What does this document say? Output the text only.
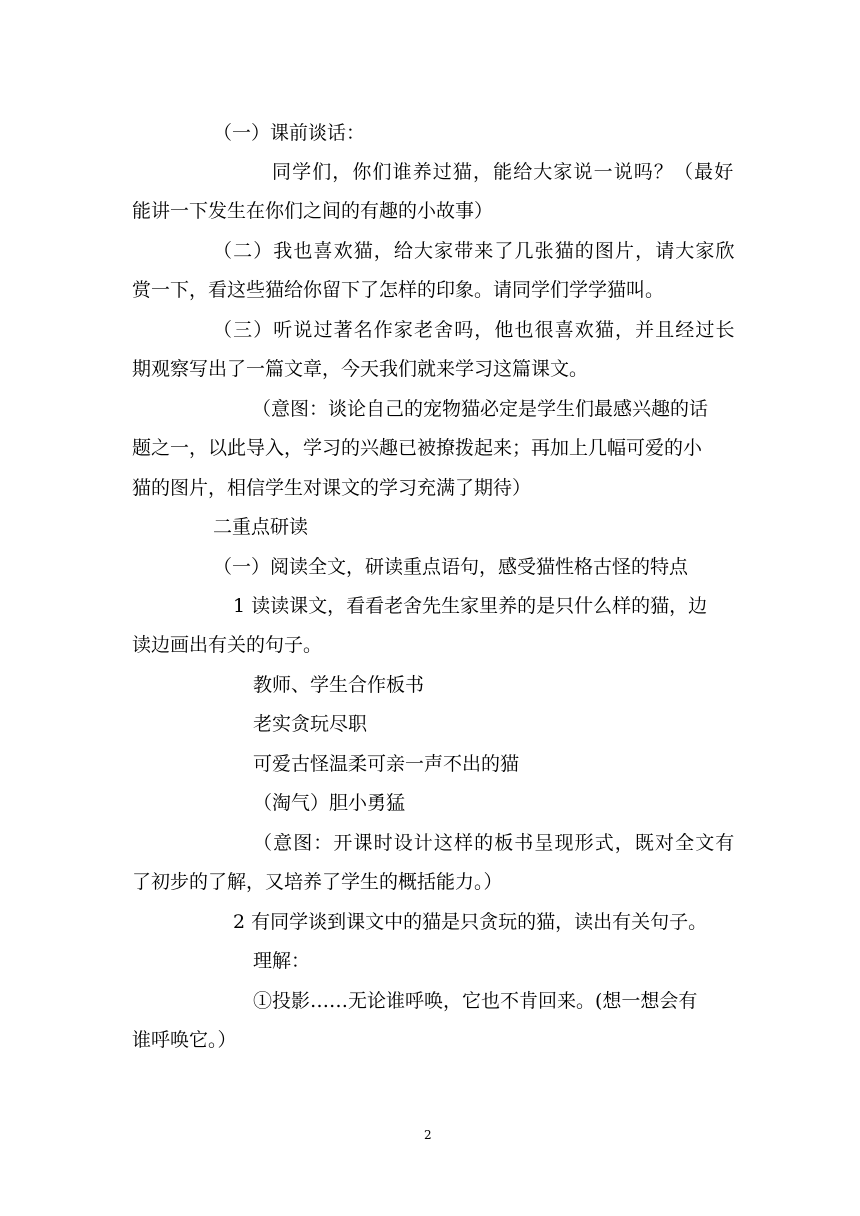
（一）课前谈话：
同学们，你们谁养过猫，能给大家说一说吗？（最好
能讲一下发生在你们之间的有趣的小故事）
（二）我也喜欢猫，给大家带来了几张猫的图片，请大家欣
赏一下，看这些猫给你留下了怎样的印象。请同学们学学猫叫。
（三）听说过著名作家老舍吗，他也很喜欢猫，并且经过长
期观察写出了一篇文章，今天我们就来学习这篇课文。
（意图：谈论自己的宠物猫必定是学生们最感兴趣的话
题之一，以此导入，学习的兴趣已被撩拨起来；再加上几幅可爱的小
猫的图片，相信学生对课文的学习充满了期待）
二重点研读
（一）阅读全文，研读重点语句，感受猫性格古怪的特点
1 读读课文，看看老舍先生家里养的是只什么样的猫，边
读边画出有关的句子。
教师、学生合作板书
老实贪玩尽职
可爱古怪温柔可亲一声不出的猫
（淘气）胆小勇猛
（意图：开课时设计这样的板书呈现形式，既对全文有
了初步的了解，又培养了学生的概括能力。）
2 有同学谈到课文中的猫是只贪玩的猫，读出有关句子。
理解：
①投影……无论谁呼唤，它也不肯回来。(想一想会有
谁呼唤它。）
2
